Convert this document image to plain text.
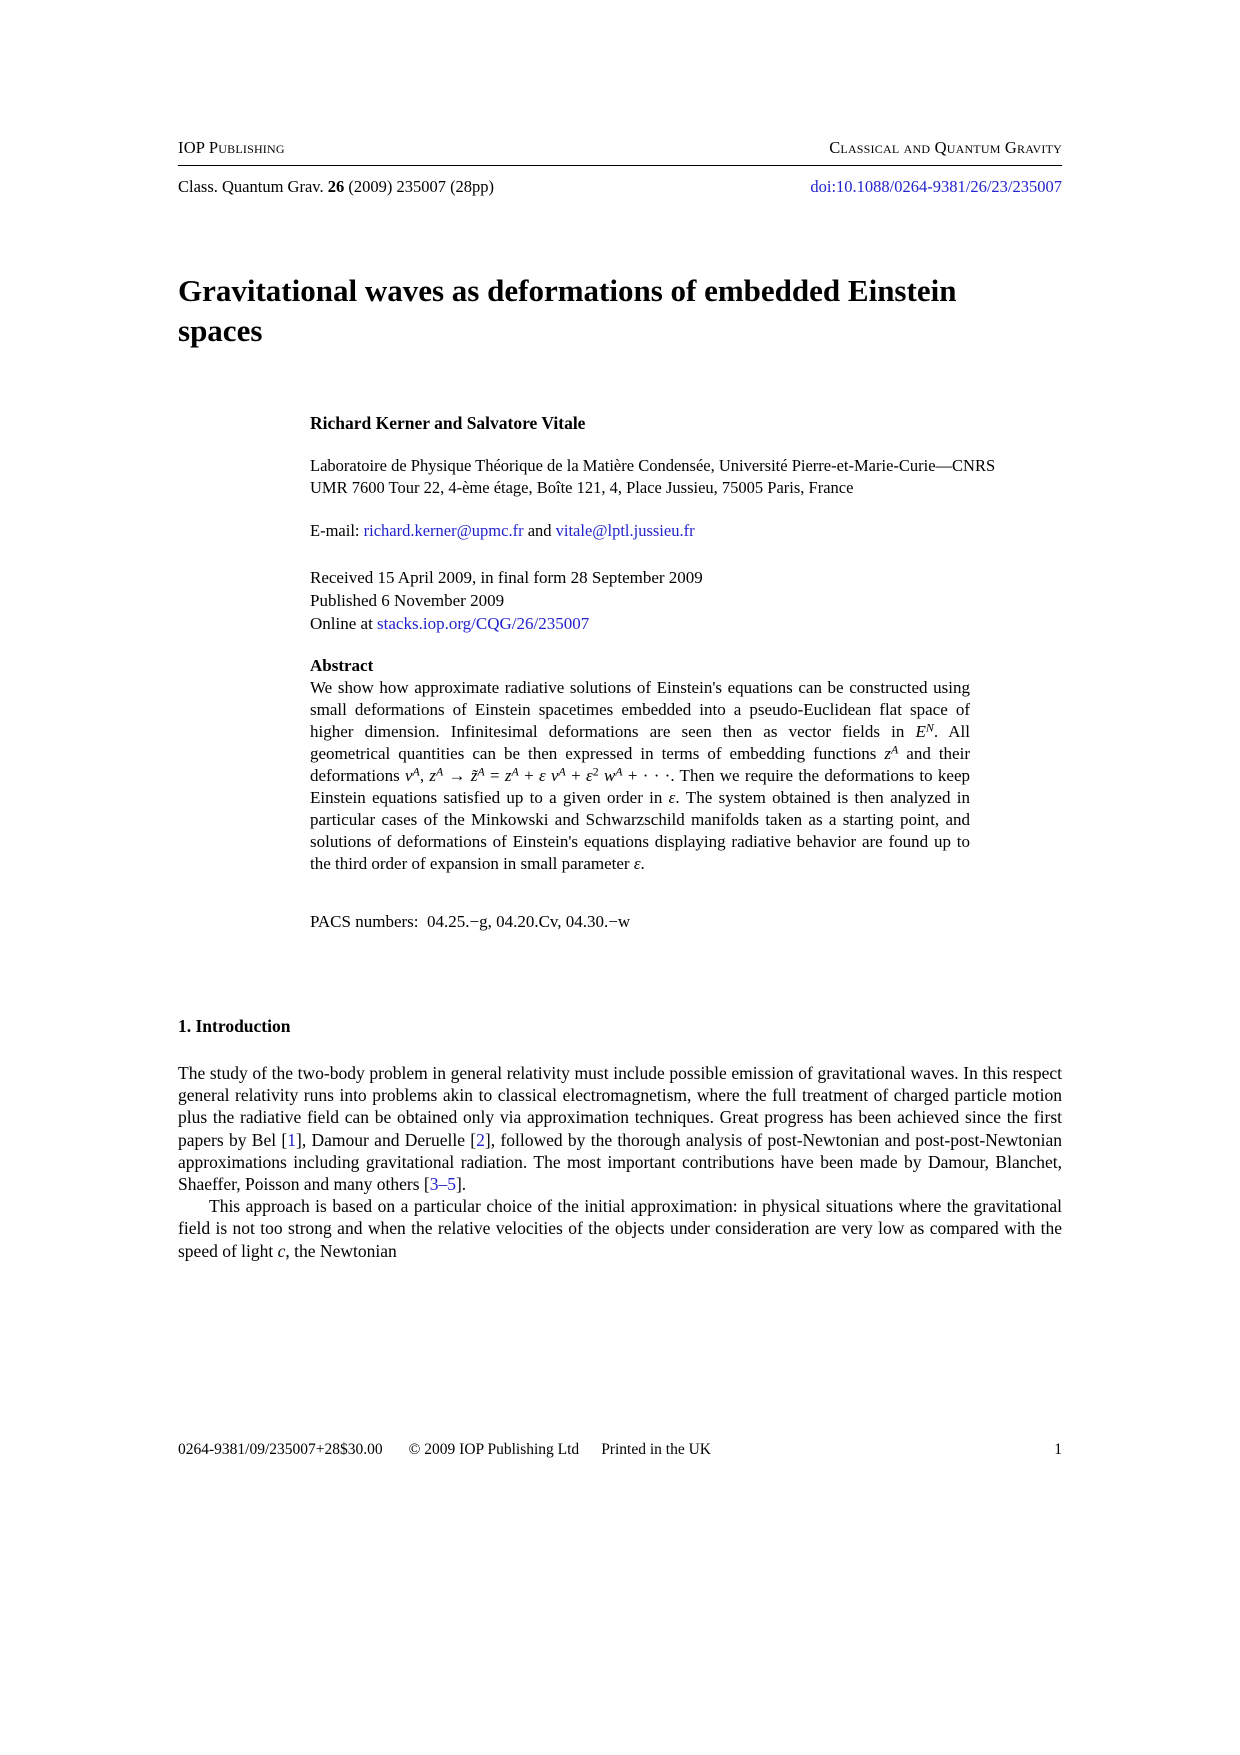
IOP Publishing	Classical and Quantum Gravity
Class. Quantum Grav. 26 (2009) 235007 (28pp)	doi:10.1088/0264-9381/26/23/235007
Gravitational waves as deformations of embedded Einstein spaces
Richard Kerner and Salvatore Vitale
Laboratoire de Physique Théorique de la Matière Condensée, Université Pierre-et-Marie-Curie—CNRS UMR 7600 Tour 22, 4-ème étage, Boîte 121, 4, Place Jussieu, 75005 Paris, France
E-mail: richard.kerner@upmc.fr and vitale@lptl.jussieu.fr
Received 15 April 2009, in final form 28 September 2009
Published 6 November 2009
Online at stacks.iop.org/CQG/26/235007
Abstract
We show how approximate radiative solutions of Einstein's equations can be constructed using small deformations of Einstein spacetimes embedded into a pseudo-Euclidean flat space of higher dimension. Infinitesimal deformations are seen then as vector fields in $E^N$. All geometrical quantities can be then expressed in terms of embedding functions $z^A$ and their deformations $v^A$, $z^A$ → z̃$^A$ = $z^A + \varepsilon$ $v^A + \varepsilon^2$ $w^A$ + · · ·. Then we require the deformations to keep Einstein equations satisfied up to a given order in ε. The system obtained is then analyzed in particular cases of the Minkowski and Schwarzschild manifolds taken as a starting point, and solutions of deformations of Einstein's equations displaying radiative behavior are found up to the third order of expansion in small parameter ε.
PACS numbers:  04.25.−g, 04.20.Cv, 04.30.−w
1. Introduction

The study of the two-body problem in general relativity must include possible emission of gravitational waves. In this respect general relativity runs into problems akin to classical electromagnetism, where the full treatment of charged particle motion plus the radiative field can be obtained only via approximation techniques. Great progress has been achieved since the first papers by Bel [1], Damour and Deruelle [2], followed by the thorough analysis of post-Newtonian and post-post-Newtonian approximations including gravitational radiation. The most important contributions have been made by Damour, Blanchet, Shaeffer, Poisson and many others [3–5].

This approach is based on a particular choice of the initial approximation: in physical situations where the gravitational field is not too strong and when the relative velocities of the objects under consideration are very low as compared with the speed of light c, the Newtonian

0264-9381/09/235007+28$30.00 © 2009 IOP Publishing Ltd Printed in the UK	1
